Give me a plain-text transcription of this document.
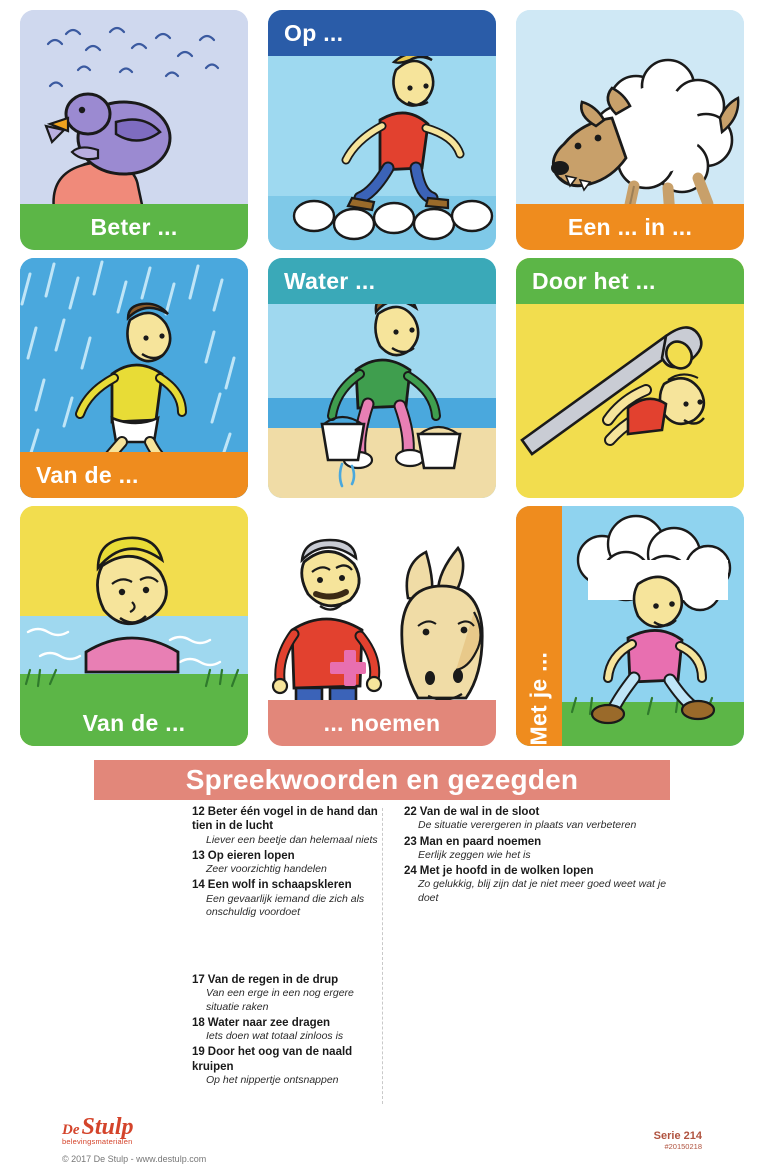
Beter ...
Op ...
Een ... in ...
Van de ...
Water ...	Door het ...
Van de ...	... noemen	Met je ...
Spreekwoorden en gezegden
12 Beter één vogel in de hand dan tien in de lucht
Liever een beetje dan helemaal niets
13 Op eieren lopen
Zeer voorzichtig handelen
14 Een wolf in schaapskleren
Een gevaarlijk iemand die zich als onschuldig voordoet
17 Van de regen in de drup
Van een erge in een nog ergere situatie raken
18 Water naar zee dragen
Iets doen wat totaal zinloos is
19 Door het oog van de naald kruipen
Op het nippertje ontsnappen
22 Van de wal in de sloot
De situatie verergeren in plaats van verbeteren
23 Man en paard noemen
Eerlijk zeggen wie het is
24 Met je hoofd in de wolken lopen
Zo gelukkig, blij zijn dat je niet meer goed weet wat je doet
DeStulp
belevingsmaterialen
© 2017 De Stulp - www.destulp.com
Serie 214
#20150218
